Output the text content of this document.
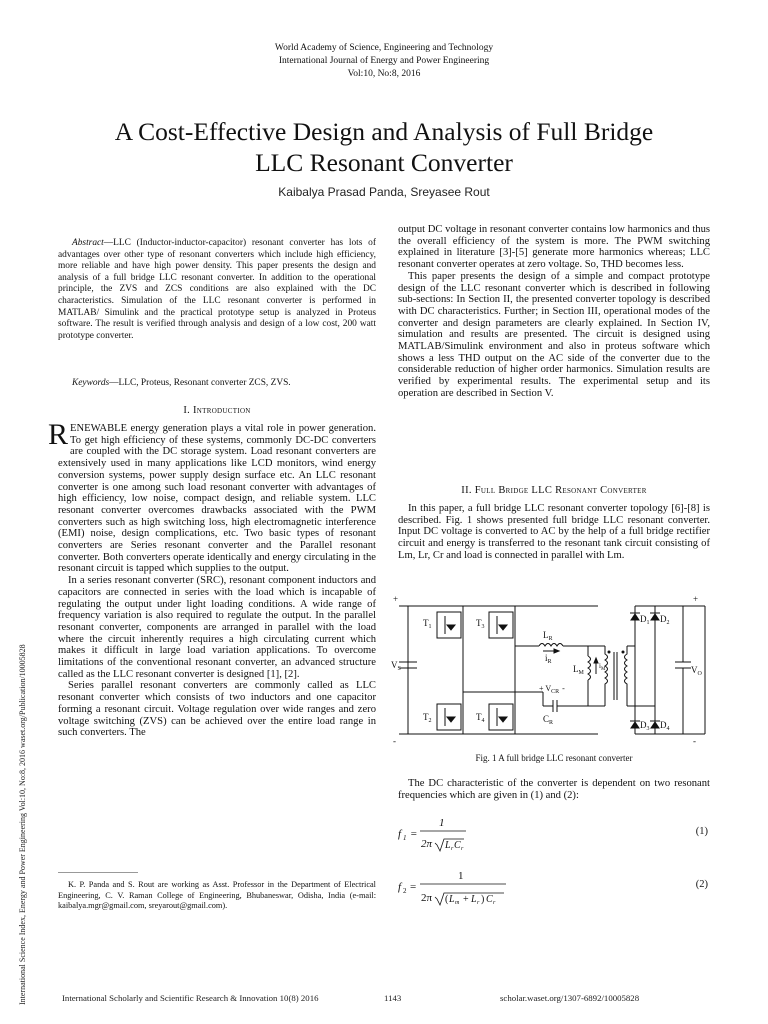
World Academy of Science, Engineering and Technology
International Journal of Energy and Power Engineering
Vol:10, No:8, 2016
A Cost-Effective Design and Analysis of Full Bridge
LLC Resonant Converter
Kaibalya Prasad Panda, Sreyasee Rout
International Science Index, Energy and Power Engineering Vol:10, No:8, 2016 waset.org/Publication/10005828
Abstract—LLC (Inductor-inductor-capacitor) resonant converter has lots of advantages over other type of resonant converters which include high efficiency, more reliable and have high power density. This paper presents the design and analysis of a full bridge LLC resonant converter. In addition to the operational principle, the ZVS and ZCS conditions are also explained with the DC characteristics. Simulation of the LLC resonant converter is performed in MATLAB/ Simulink and the practical prototype setup is analyzed in Proteus software. The result is verified through analysis and design of a low cost, 200 watt prototype converter.
Keywords—LLC, Proteus, Resonant converter ZCS, ZVS.
I. Introduction

RENEWABLE energy generation plays a vital role in power generation. To get high efficiency of these systems, commonly DC-DC converters are coupled with the DC storage system. Load resonant converters are extensively used in many applications like LCD monitors, wind energy conversion systems, power supply design surface etc. An LLC resonant converter is one among such load resonant converter with advantages of high efficiency, low noise, compact design, and reliable system. LLC resonant converter overcomes drawbacks associated with the PWM converters such as high switching loss, high electromagnetic interference (EMI) noise, design complications, etc. Two basic types of resonant converters are Series resonant converter and the Parallel resonant converter. Both converters operate identically and energy circulating in the resonant circuit is tapped which supplies to the output.

In a series resonant converter (SRC), resonant component inductors and capacitors are connected in series with the load which is incapable of regulating the output under light loading conditions. A wide range of frequency variation is also required to regulate the output. In the parallel resonant converter, components are arranged in parallel with the load where the circuit inherently requires a high circulating current which makes it difficult in large load variation applications. To overcome limitations of the conventional resonant converter, an advanced structure called as the LLC resonant converter is designed [1], [2].

Series parallel resonant converters are commonly called as LLC resonant converter which consists of two inductors and one capacitor forming a resonant circuit. Voltage regulation over wide ranges and zero voltage switching (ZVS) can be achieved over the entire load range in such converters. The

K. P. Panda and S. Rout are working as Asst. Professor in the Department of Electrical Engineering, C. V. Raman College of Engineering, Bhubaneswar, Odisha, India (e-mail: kaibalya.mgr@gmail.com, sreyarout@gmail.com).

output DC voltage in resonant converter contains low harmonics and thus the overall efficiency of the system is more. The PWM switching explained in literature [3]-[5] generate more harmonics whereas; LLC resonant converter operates at zero voltage. So, THD becomes less.

This paper presents the design of a simple and compact prototype design of the LLC resonant converter which is described in following sub-sections: In Section II, the presented converter topology is described with DC characteristics. Further; in Section III, operational modes of the converter and design parameters are clearly explained. In Section IV, simulation and results are presented. The circuit is designed using MATLAB/Simulink environment and also in proteus software which shows a less THD output on the AC side of the converter due to the considerable reduction of higher order harmonics. Simulation results are verified by experimental results. The experimental setup and its operation are described in Section V.

II. Full Bridge LLC Resonant Converter

In this paper, a full bridge LLC resonant converter topology [6]-[8] is described. Fig. 1 shows presented full bridge LLC resonant converter. Input DC voltage is converted to AC by the help of a full bridge rectifier circuit and energy is transferred to the resonant tank circuit consisting of Lm, Lr, Cr and load is connected in parallel with Lm.

+
-
$V_S$
$T_1$	$T_3$
$T_2$	$T_4$
$L_R$
$i_R$
$C_R$
+ $V_{CR}$ -
$L_M$
$i_M$
$D_1$ $D_2$
$D_3$ $D_4$
+
-
$V_O$
Fig. 1 A full bridge LLC resonant converter

The DC characteristic of the converter is dependent on two resonant frequencies which are given in (1) and (2):

f 1 =
1
2π L r C r
(1)
f 2 =
1
2π ( L m + L r ) C r
(2)
International Scholarly and Scientific Research & Innovation 10(8) 2016	1143	scholar.waset.org/1307-6892/10005828
